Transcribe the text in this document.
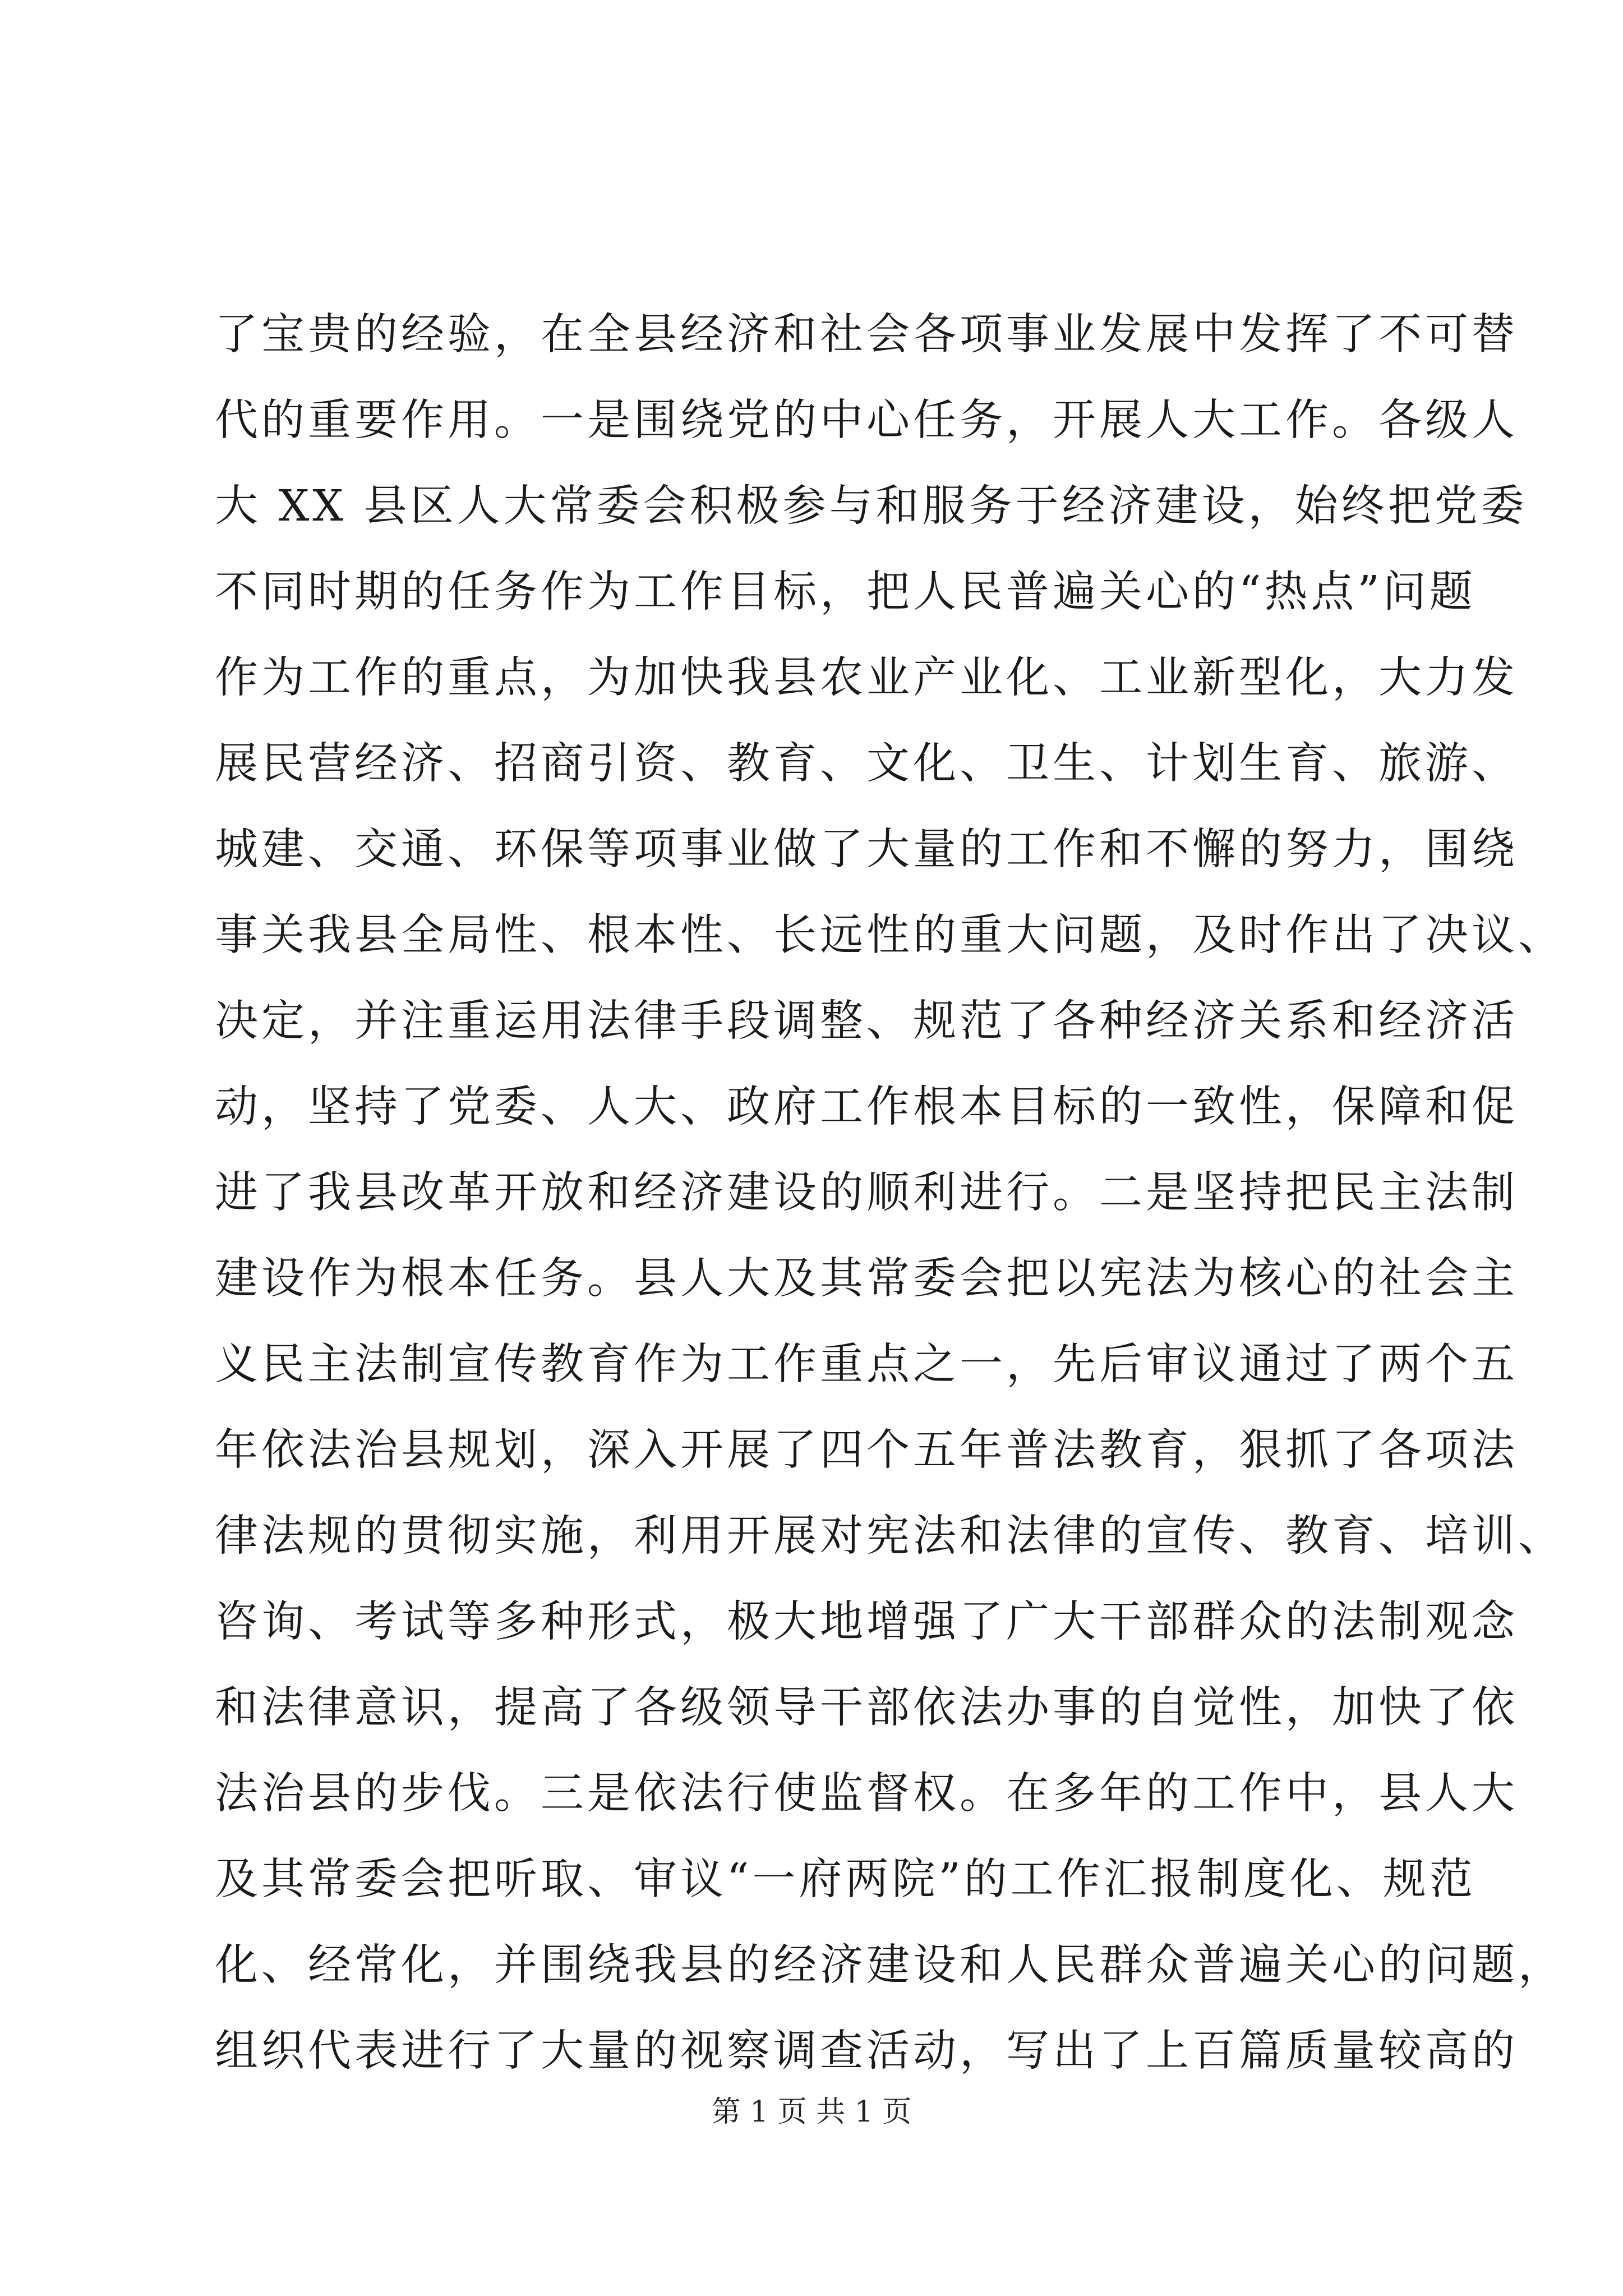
了宝贵的经验，在全县经济和社会各项事业发展中发挥了不可替
代的重要作用。一是围绕党的中心任务，开展人大工作。各级人
大 XX 县区人大常委会积极参与和服务于经济建设，始终把党委
不同时期的任务作为工作目标，把人民普遍关心的“热点”问题
作为工作的重点，为加快我县农业产业化、工业新型化，大力发
展民营经济、招商引资、教育、文化、卫生、计划生育、旅游、
城建、交通、环保等项事业做了大量的工作和不懈的努力，围绕
事关我县全局性、根本性、长远性的重大问题，及时作出了决议、
决定，并注重运用法律手段调整、规范了各种经济关系和经济活
动，坚持了党委、人大、政府工作根本目标的一致性，保障和促
进了我县改革开放和经济建设的顺利进行。二是坚持把民主法制
建设作为根本任务。县人大及其常委会把以宪法为核心的社会主
义民主法制宣传教育作为工作重点之一，先后审议通过了两个五
年依法治县规划，深入开展了四个五年普法教育，狠抓了各项法
律法规的贯彻实施，利用开展对宪法和法律的宣传、教育、培训、
咨询、考试等多种形式，极大地增强了广大干部群众的法制观念
和法律意识，提高了各级领导干部依法办事的自觉性，加快了依
法治县的步伐。三是依法行使监督权。在多年的工作中，县人大
及其常委会把听取、审议“一府两院”的工作汇报制度化、规范
化、经常化，并围绕我县的经济建设和人民群众普遍关心的问题，
组织代表进行了大量的视察调查活动，写出了上百篇质量较高的
第 1 页 共 1 页
